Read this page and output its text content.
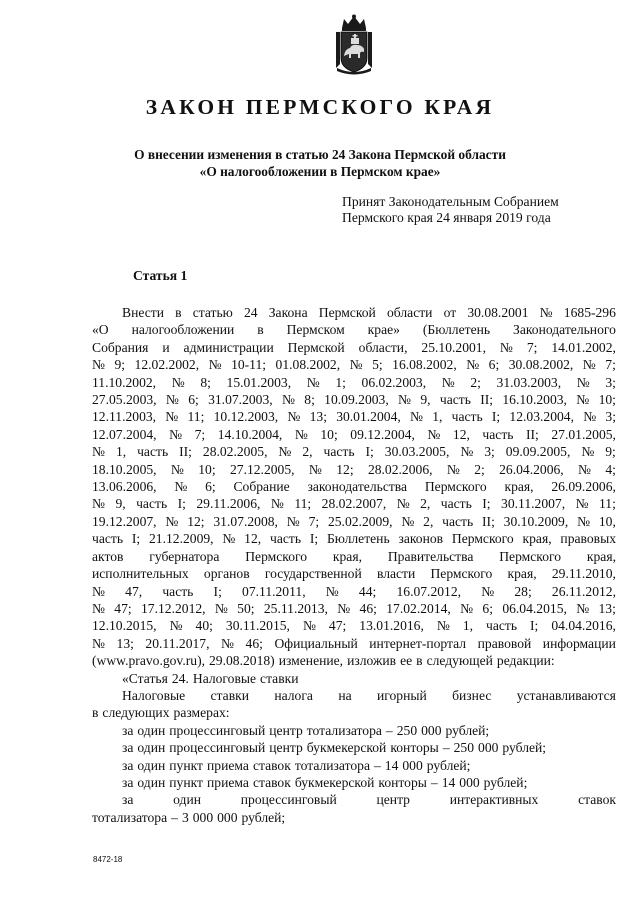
ЗАКОН ПЕРМСКОГО КРАЯ
О внесении изменения в статью 24 Закона Пермской области
«О налогообложении в Пермском крае»
Принят Законодательным Собранием
Пермского края 24 января 2019 года
Статья 1
Внести в статью 24 Закона Пермской области от 30.08.2001 № 1685-296
«О налогообложении в Пермском крае» (Бюллетень Законодательного
Собрания и администрации Пермской области, 25.10.2001, № 7; 14.01.2002,
№ 9; 12.02.2002, № 10-11; 01.08.2002, № 5; 16.08.2002, № 6; 30.08.2002, № 7;
11.10.2002, № 8; 15.01.2003, № 1; 06.02.2003, № 2; 31.03.2003, № 3;
27.05.2003, № 6; 31.07.2003, № 8; 10.09.2003, № 9, часть II; 16.10.2003, № 10;
12.11.2003, № 11; 10.12.2003, № 13; 30.01.2004, № 1, часть I; 12.03.2004, № 3;
12.07.2004, № 7; 14.10.2004, № 10; 09.12.2004, № 12, часть II; 27.01.2005,
№ 1, часть II; 28.02.2005, № 2, часть I; 30.03.2005, № 3; 09.09.2005, № 9;
18.10.2005, № 10; 27.12.2005, № 12; 28.02.2006, № 2; 26.04.2006, № 4;
13.06.2006, № 6; Собрание законодательства Пермского края, 26.09.2006,
№ 9, часть I; 29.11.2006, № 11; 28.02.2007, № 2, часть I; 30.11.2007, № 11;
19.12.2007, № 12; 31.07.2008, № 7; 25.02.2009, № 2, часть II; 30.10.2009, № 10,
часть I; 21.12.2009, № 12, часть I; Бюллетень законов Пермского края, правовых
актов губернатора Пермского края, Правительства Пермского края,
исполнительных органов государственной власти Пермского края, 29.11.2010,
№ 47, часть I; 07.11.2011, № 44; 16.07.2012, № 28; 26.11.2012,
№ 47; 17.12.2012, № 50; 25.11.2013, № 46; 17.02.2014, № 6; 06.04.2015, № 13;
12.10.2015, № 40; 30.11.2015, № 47; 13.01.2016, № 1, часть I; 04.04.2016,
№ 13; 20.11.2017, № 46; Официальный интернет-портал правовой информации
(www.pravo.gov.ru), 29.08.2018) изменение, изложив ее в следующей редакции:
«Статья 24. Налоговые ставки
Налоговые ставки налога на игорный бизнес устанавливаются
в следующих размерах:
за один процессинговый центр тотализатора – 250 000 рублей;
за один процессинговый центр букмекерской конторы – 250 000 рублей;
за один пункт приема ставок тотализатора – 14 000 рублей;
за один пункт приема ставок букмекерской конторы – 14 000 рублей;
за	один	процессинговый	центр	интерактивных	ставок
тотализатора – 3 000 000 рублей;
8472-18
